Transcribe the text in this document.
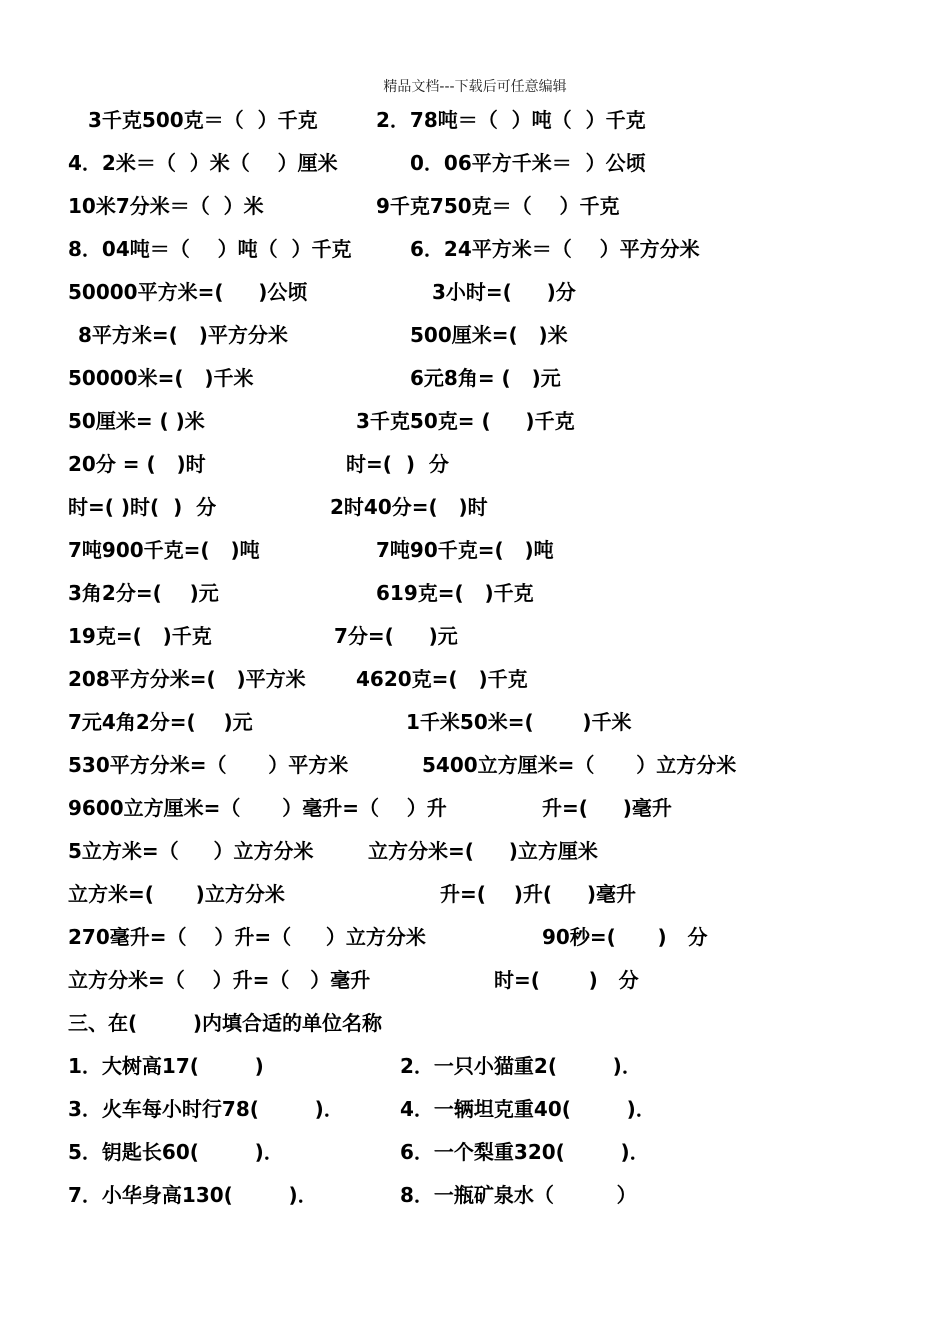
精品文档---下载后可任意编辑
3千克500克＝（  ）千克	2．78吨＝（  ）吨（  ）千克
4．2米＝（  ）米（    ）厘米	0．06平方千米＝  ）公顷
10米7分米＝（  ）米	9千克750克＝（    ）千克
8．04吨＝（    ）吨（  ）千克	6．24平方米＝（    ）平方分米
50000平方米=(     )公顷	3小时=(     )分
8平方米=(   )平方分米	500厘米=(   )米
50000米=(   )千米	6元8角= (   )元
50厘米= ( )米	3千克50克= (     )千克
20分 = (   )时	时=(  )  分
时=( )时(  )  分	2时40分=(   )时
7吨900千克=(   )吨	7吨90千克=(   )吨
3角2分=(    )元	619克=(   )千克
19克=(   )千克	7分=(     )元
208平方分米=(   )平方米	4620克=(   )千克
7元4角2分=(    )元	1千米50米=(       )千米
530平方分米=（      ）平方米	5400立方厘米=（      ）立方分米
9600立方厘米=（      ）毫升=（    ）升	升=(     )毫升
5立方米=（     ）立方分米	立方分米=(     )立方厘米
立方米=(      )立方分米	升=(    )升(     )毫升
270毫升=（    ）升=（     ）立方分米	90秒=(      )   分
立方分米=（    ）升=（   ）毫升	时=(       )   分
三、在(        )内填合适的单位名称
1．大树高17(        )	2．一只小猫重2(        )．
3．火车每小时行78(        )．	4．一辆坦克重40(        )．
5．钥匙长60(        )．	6．一个梨重320(        )．
7．小华身高130(        )．	8．一瓶矿泉水（         ）
